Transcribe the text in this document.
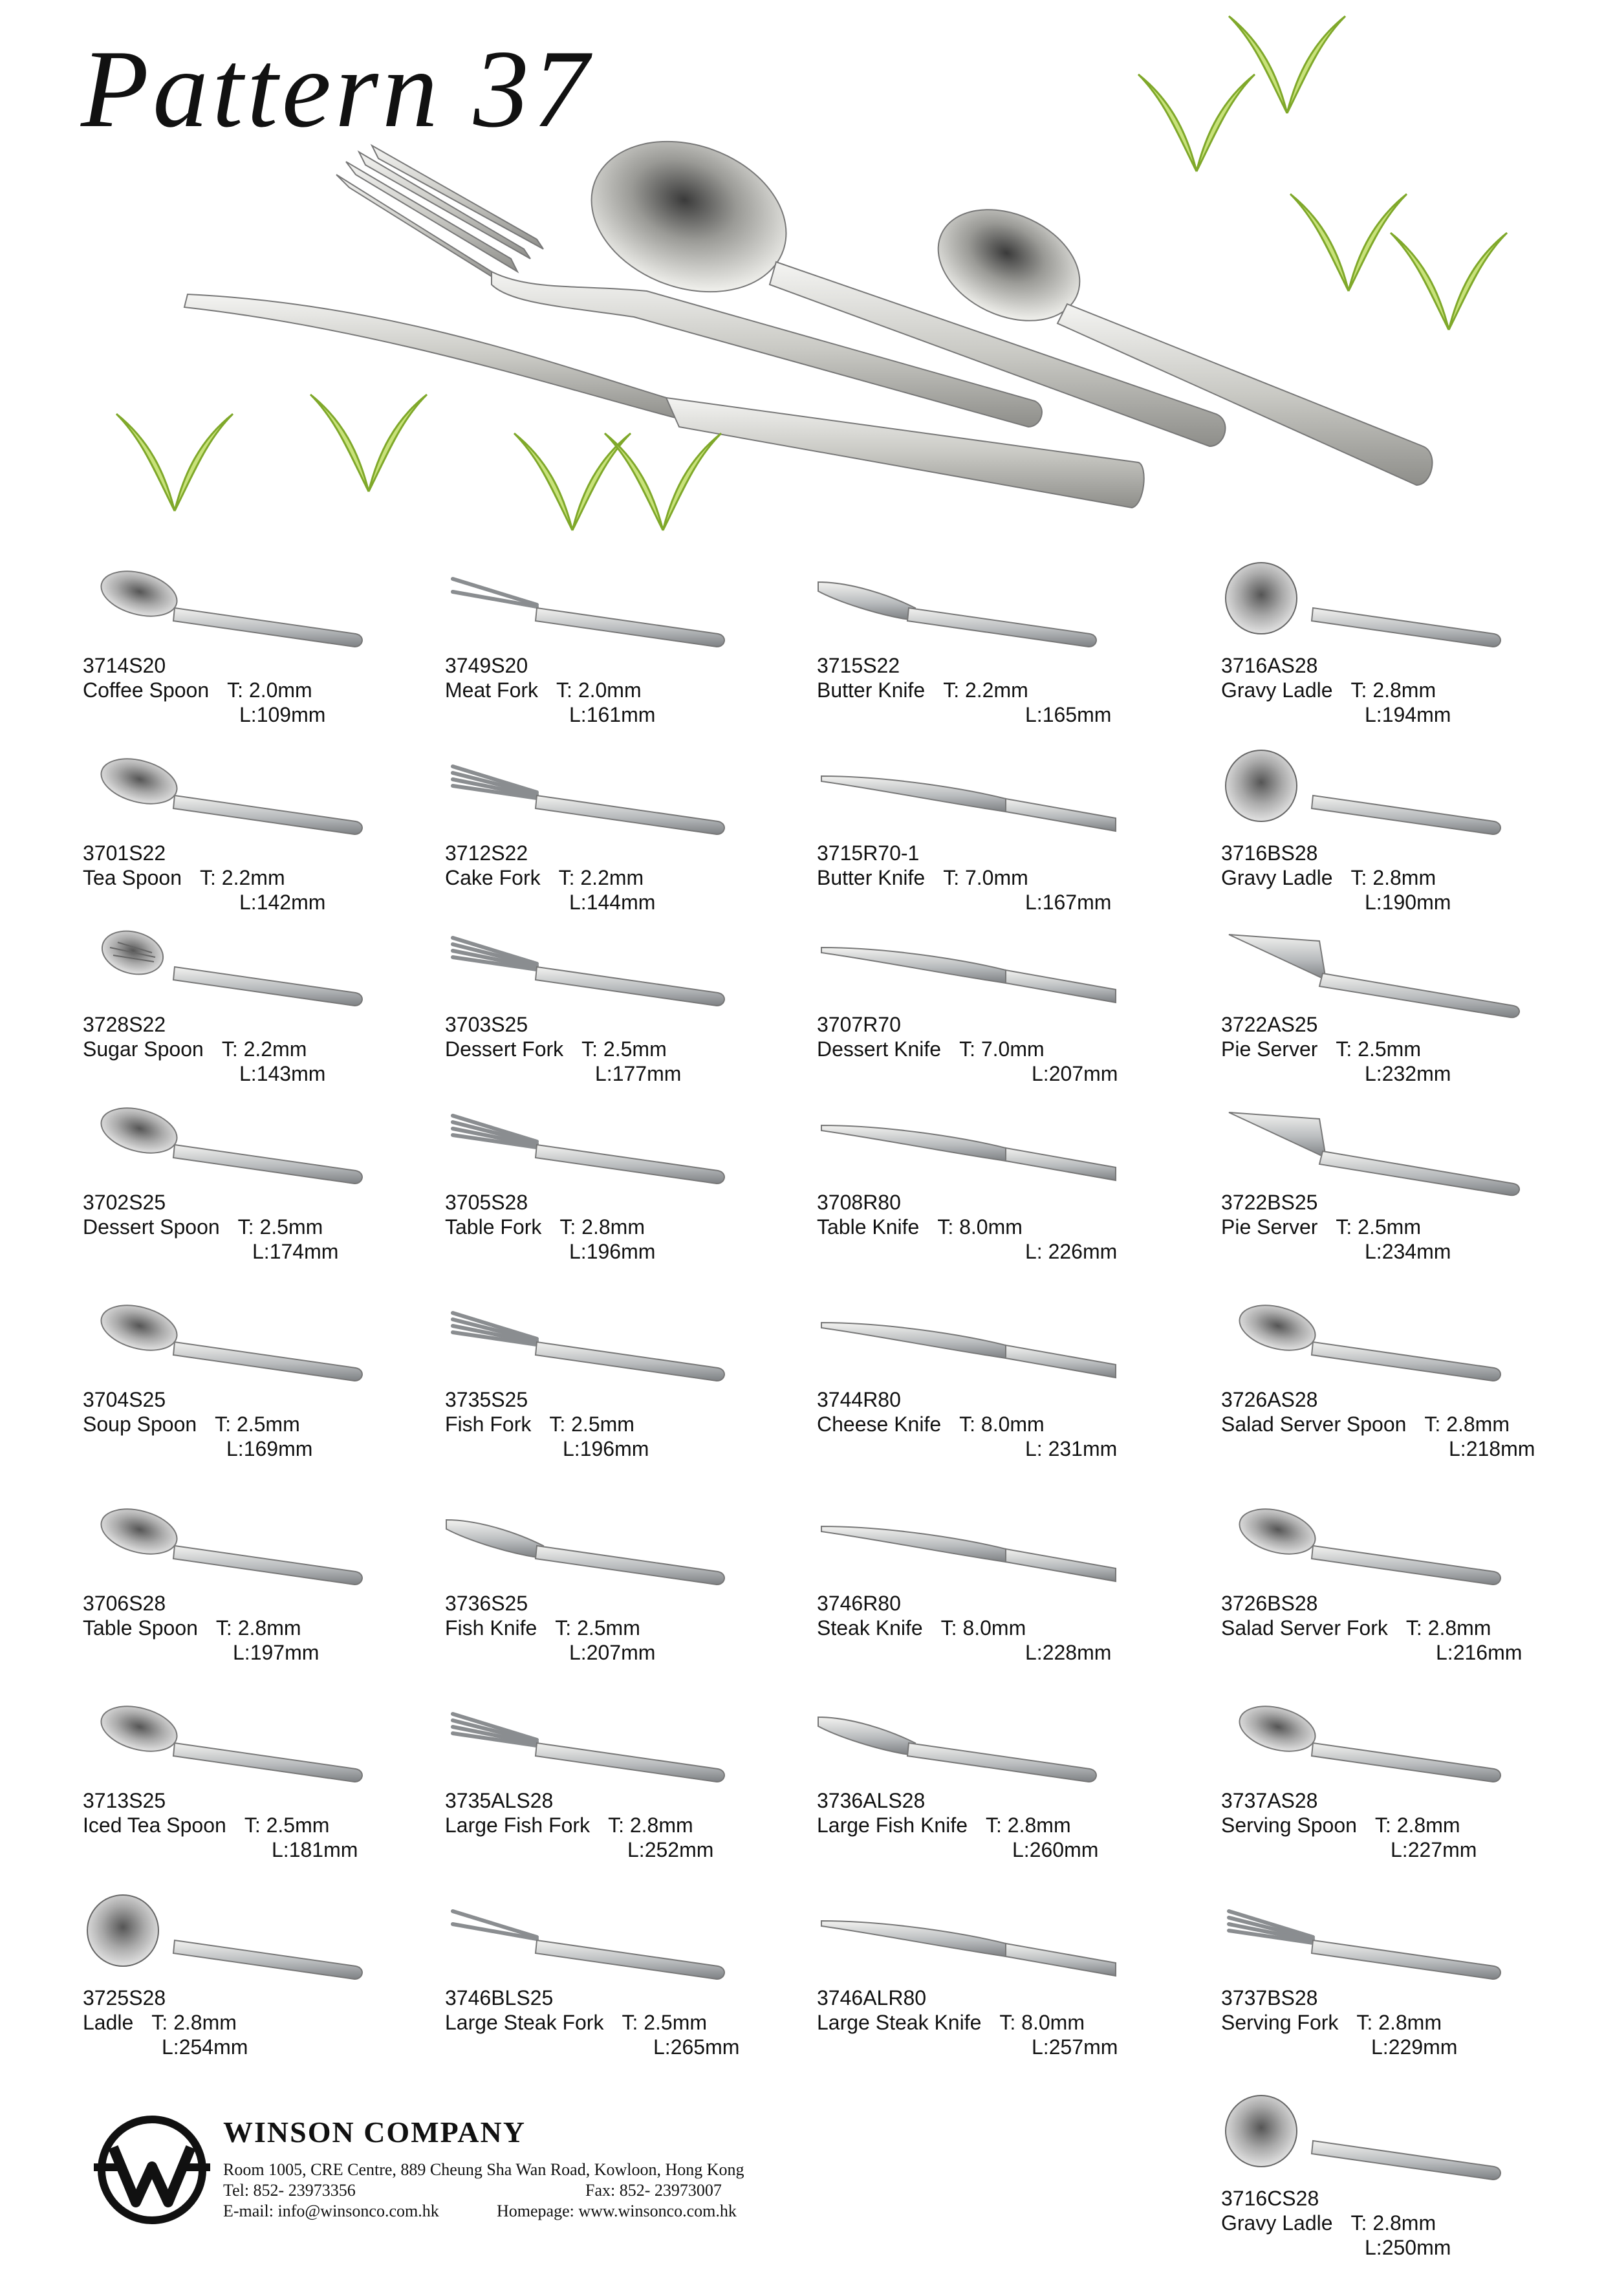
Pattern 37
3714S20
Coffee Spoon T: 2.0mm
L:109mm
3701S22
Tea Spoon T: 2.2mm
L:142mm
3728S22
Sugar Spoon T: 2.2mm
L:143mm
3702S25
Dessert Spoon T: 2.5mm
L:174mm
3704S25
Soup Spoon T: 2.5mm
L:169mm
3706S28
Table Spoon T: 2.8mm
L:197mm
3713S25
Iced Tea Spoon T: 2.5mm
L:181mm
3725S28
Ladle T: 2.8mm
L:254mm
3749S20
Meat Fork T: 2.0mm
L:161mm
3712S22
Cake Fork T: 2.2mm
L:144mm
3703S25
Dessert Fork T: 2.5mm
L:177mm
3705S28
Table Fork T: 2.8mm
L:196mm
3735S25
Fish Fork T: 2.5mm
L:196mm
3736S25
Fish Knife T: 2.5mm
L:207mm
3735ALS28
Large Fish Fork T: 2.8mm
L:252mm
3746BLS25
Large Steak Fork T: 2.5mm
L:265mm
3715S22
Butter Knife T: 2.2mm
L:165mm
3715R70-1
Butter Knife T: 7.0mm
L:167mm
3707R70
Dessert Knife T: 7.0mm
L:207mm
3708R80
Table Knife T: 8.0mm
L: 226mm
3744R80
Cheese Knife T: 8.0mm
L: 231mm
3746R80
Steak Knife T: 8.0mm
L:228mm
3736ALS28
Large Fish Knife T: 2.8mm
L:260mm
3746ALR80
Large Steak Knife T: 8.0mm
L:257mm
3716AS28
Gravy Ladle T: 2.8mm
L:194mm
3716BS28
Gravy Ladle T: 2.8mm
L:190mm
3722AS25
Pie Server T: 2.5mm
L:232mm
3722BS25
Pie Server T: 2.5mm
L:234mm
3726AS28
Salad Server Spoon T: 2.8mm
L:218mm
3726BS28
Salad Server Fork T: 2.8mm
L:216mm
3737AS28
Serving Spoon T: 2.8mm
L:227mm
3737BS28
Serving Fork T: 2.8mm
L:229mm
3716CS28
Gravy Ladle T: 2.8mm
L:250mm
WINSON COMPANY
Room 1005, CRE Centre, 889 Cheung Sha Wan Road, Kowloon, Hong Kong
Tel: 852- 23973356	Fax: 852- 23973007
E-mail: info@winsonco.com.hk	Homepage: www.winsonco.com.hk
